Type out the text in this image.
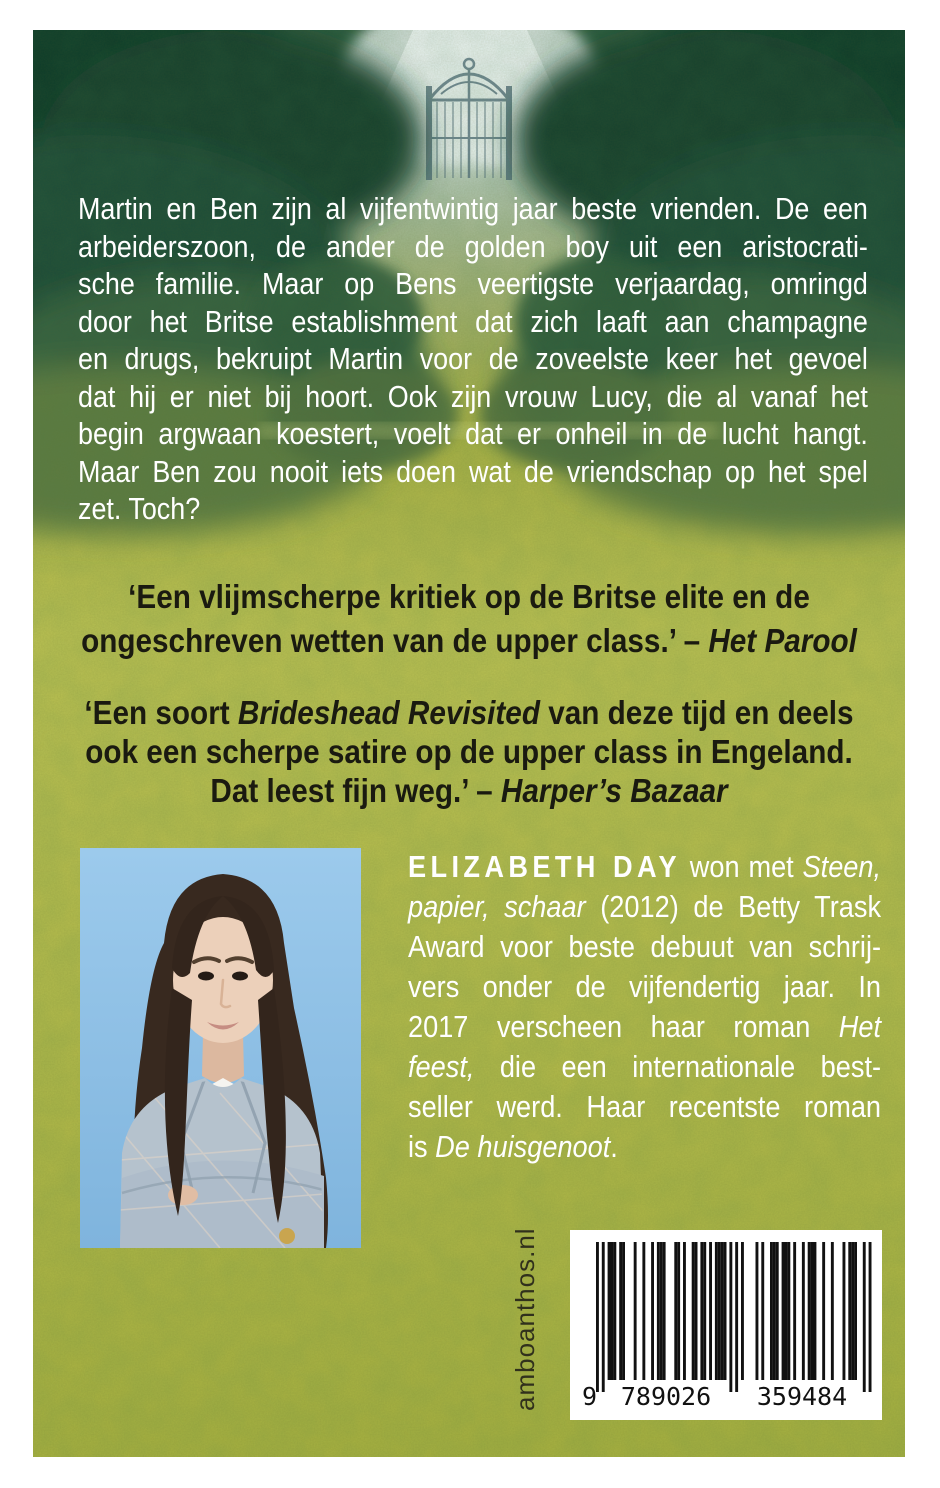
Martin en Ben zijn al vijfentwintig jaar beste vrienden. De een
arbeiderszoon, de ander de golden boy uit een aristocrati-
sche familie. Maar op Bens veertigste verjaardag, omringd
door het Britse establishment dat zich laaft aan champagne
en drugs, bekruipt Martin voor de zoveelste keer het gevoel
dat hij er niet bij hoort. Ook zijn vrouw Lucy, die al vanaf het
begin argwaan koestert, voelt dat er onheil in de lucht hangt.
Maar Ben zou nooit iets doen wat de vriendschap op het spel
zet. Toch?
‘Een vlijmscherpe kritiek op de Britse elite en de
ongeschreven wetten van de upper class.’ – Het Parool
‘Een soort Brideshead Revisited van deze tijd en deels
ook een scherpe satire op de upper class in Engeland.
Dat leest fijn weg.’ – Harper’s Bazaar
ELIZABETH DAY won met Steen,
papier, schaar (2012) de Betty Trask
Award voor beste debuut van schrij-
vers onder de vijfendertig jaar. In
2017 verscheen haar roman Het
feest, die een internationale best-
seller werd. Haar recentste roman
is De huisgenoot.
amboanthos.nl 9 789026 359484
